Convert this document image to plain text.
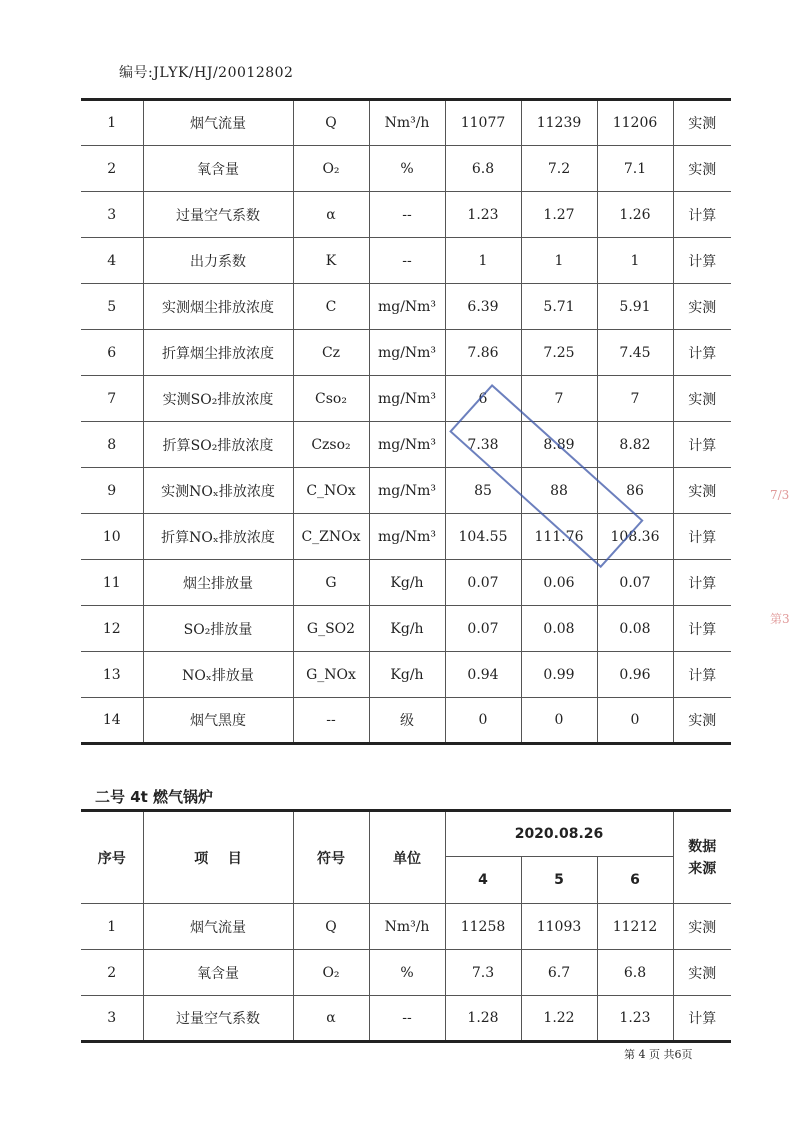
编号:JLYK/HJ/20012802
1	烟气流量	Q	Nm³/h	11077	11239	11206	实测
2	氧含量	O₂	%	6.8	7.2	7.1	实测
3	过量空气系数	α	--	1.23	1.27	1.26	计算
4	出力系数	K	--	1	1	1	计算
5	实测烟尘排放浓度	C	mg/Nm³	6.39	5.71	5.91	实测
6	折算烟尘排放浓度	Cz	mg/Nm³	7.86	7.25	7.45	计算
7	实测SO₂排放浓度	Cso₂	mg/Nm³	6	7	7	实测
8	折算SO₂排放浓度	Czso₂	mg/Nm³	7.38	8.89	8.82	计算
9	实测NOₓ排放浓度	C_NOx	mg/Nm³	85	88	86	实测
10	折算NOₓ排放浓度	C_ZNOx	mg/Nm³	104.55	111.76	108.36	计算
11	烟尘排放量	G	Kg/h	0.07	0.06	0.07	计算
12	SO₂排放量	G_SO2	Kg/h	0.07	0.08	0.08	计算
13	NOₓ排放量	G_NOx	Kg/h	0.94	0.99	0.96	计算
14	烟气黑度	--	级	0	0	0	实测
二号 4t 燃气锅炉
序号	项    目	符号	单位	2020.08.26			数据来源
				4	5	6	
1	烟气流量	Q	Nm³/h	11258	11093	11212	实测
2	氧含量	O₂	%	7.3	6.7	6.8	实测
3	过量空气系数	α	--	1.28	1.22	1.23	计算

7/3
第3
第 4 页 共6页
